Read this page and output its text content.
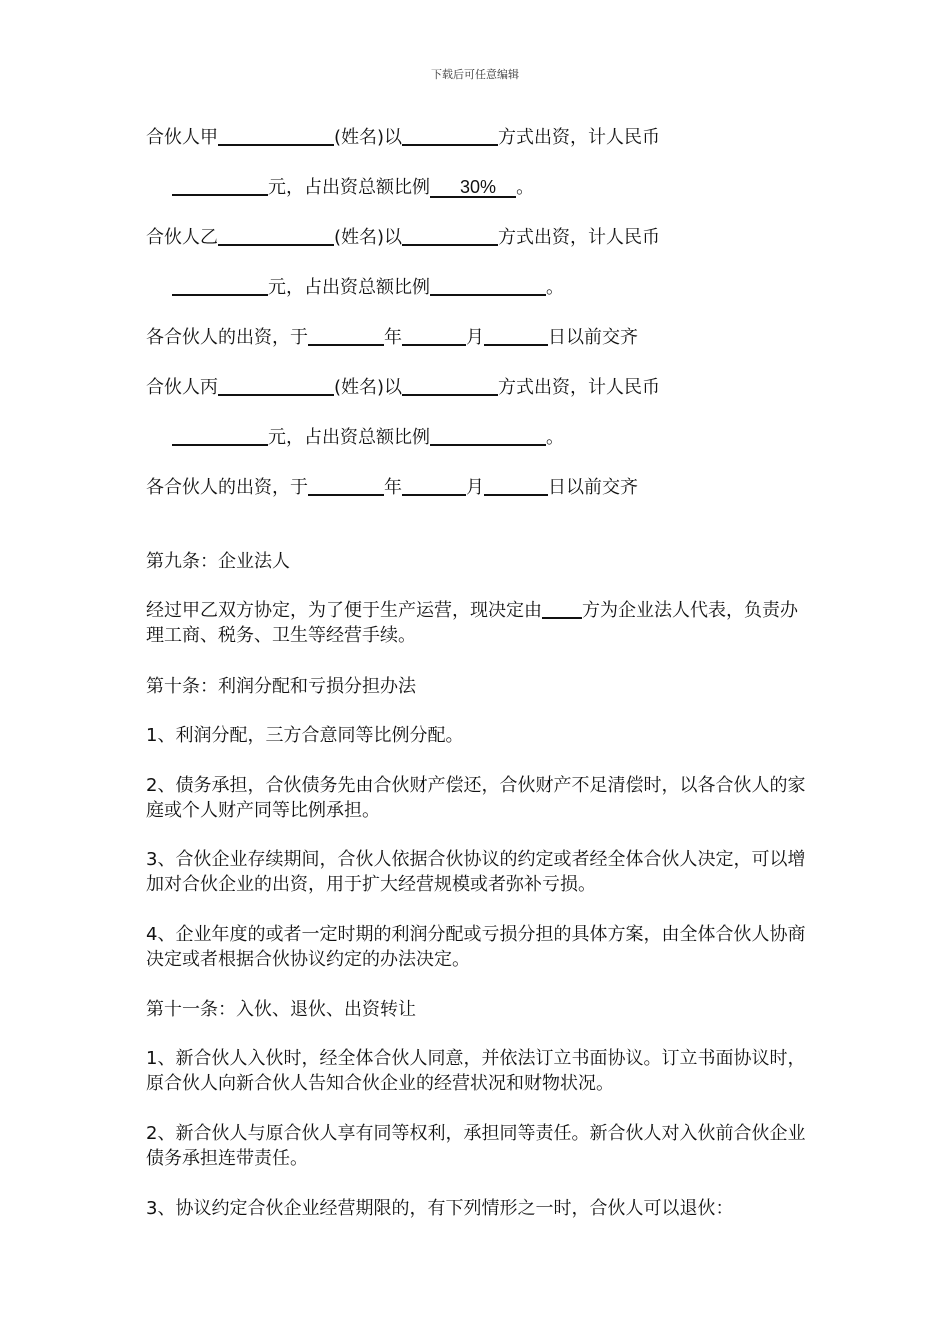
下载后可任意编辑
合伙人甲	(姓名)以	方式出资，计人民币
元，占出资总额比例 30% 。
合伙人乙	(姓名)以	方式出资，计人民币
元，占出资总额比例	。
各合伙人的出资，于	年	月	日以前交齐
合伙人丙	(姓名)以	方式出资，计人民币
元，占出资总额比例	。
各合伙人的出资，于	年	月	日以前交齐
第九条：企业法人
经过甲乙双方协定，为了便于生产运营，现决定由 方为企业法人代表，负责办理工商、税务、卫生等经营手续。
第十条：利润分配和亏损分担办法
1、利润分配，三方合意同等比例分配。
2、债务承担，合伙债务先由合伙财产偿还，合伙财产不足清偿时，以各合伙人的家庭或个人财产同等比例承担。
3、合伙企业存续期间，合伙人依据合伙协议的约定或者经全体合伙人决定，可以增加对合伙企业的出资，用于扩大经营规模或者弥补亏损。
4、企业年度的或者一定时期的利润分配或亏损分担的具体方案，由全体合伙人协商决定或者根据合伙协议约定的办法决定。
第十一条：入伙、退伙、出资转让
1、新合伙人入伙时，经全体合伙人同意，并依法订立书面协议。订立书面协议时，原合伙人向新合伙人告知合伙企业的经营状况和财物状况。
2、新合伙人与原合伙人享有同等权利，承担同等责任。新合伙人对入伙前合伙企业债务承担连带责任。
3、协议约定合伙企业经营期限的，有下列情形之一时，合伙人可以退伙：
